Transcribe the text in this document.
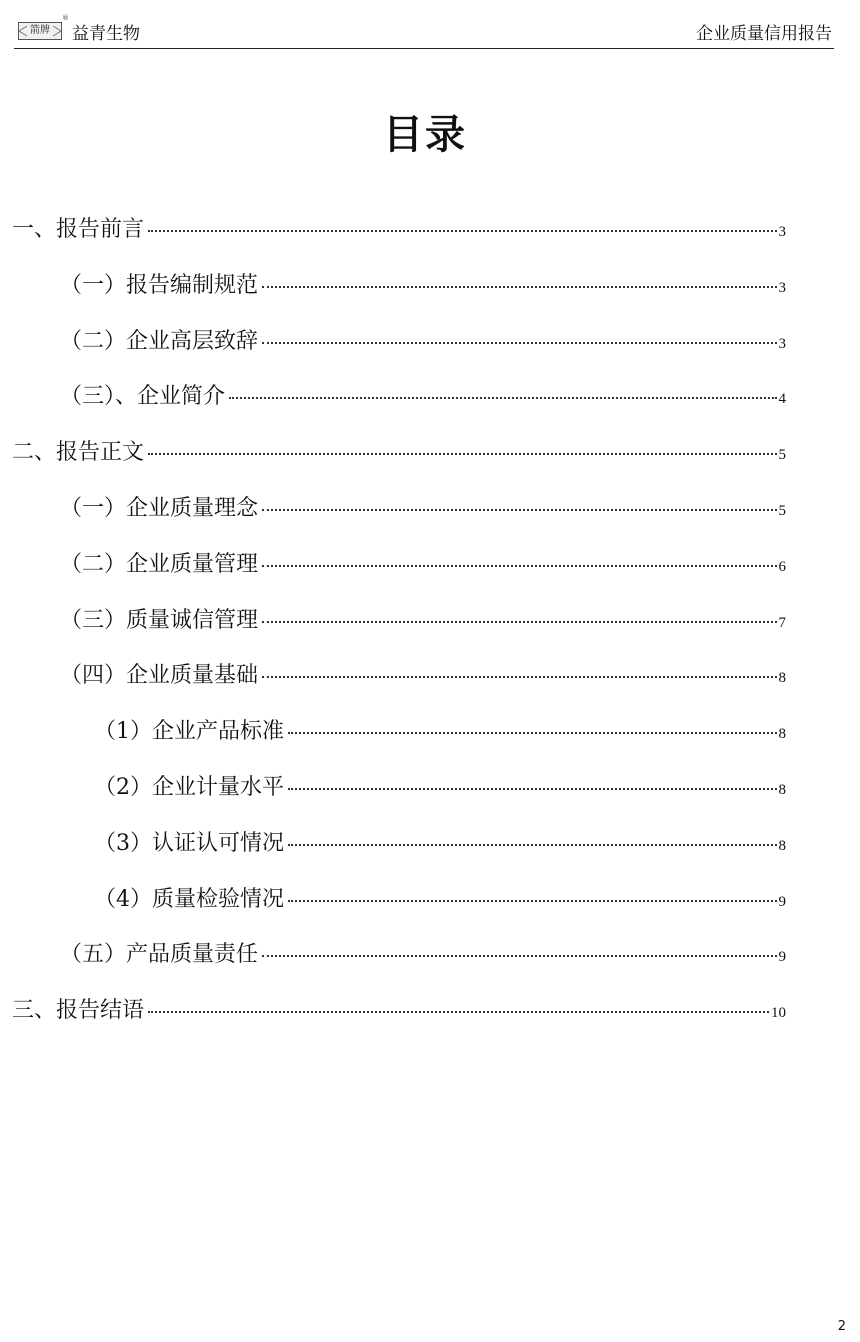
箭牌
®
益青生物	企业质量信用报告
目录
一、报告前言	3
（一）报告编制规范	3
（二）企业高层致辞	3
（三）、企业简介	4
二、报告正文	5
（一）企业质量理念	5
（二）企业质量管理	6
（三）质量诚信管理	7
（四）企业质量基础	8
（1）企业产品标准	8
（2）企业计量水平	8
（3）认证认可情况	8
（4）质量检验情况	9
（五）产品质量责任	9
三、报告结语	10
2
